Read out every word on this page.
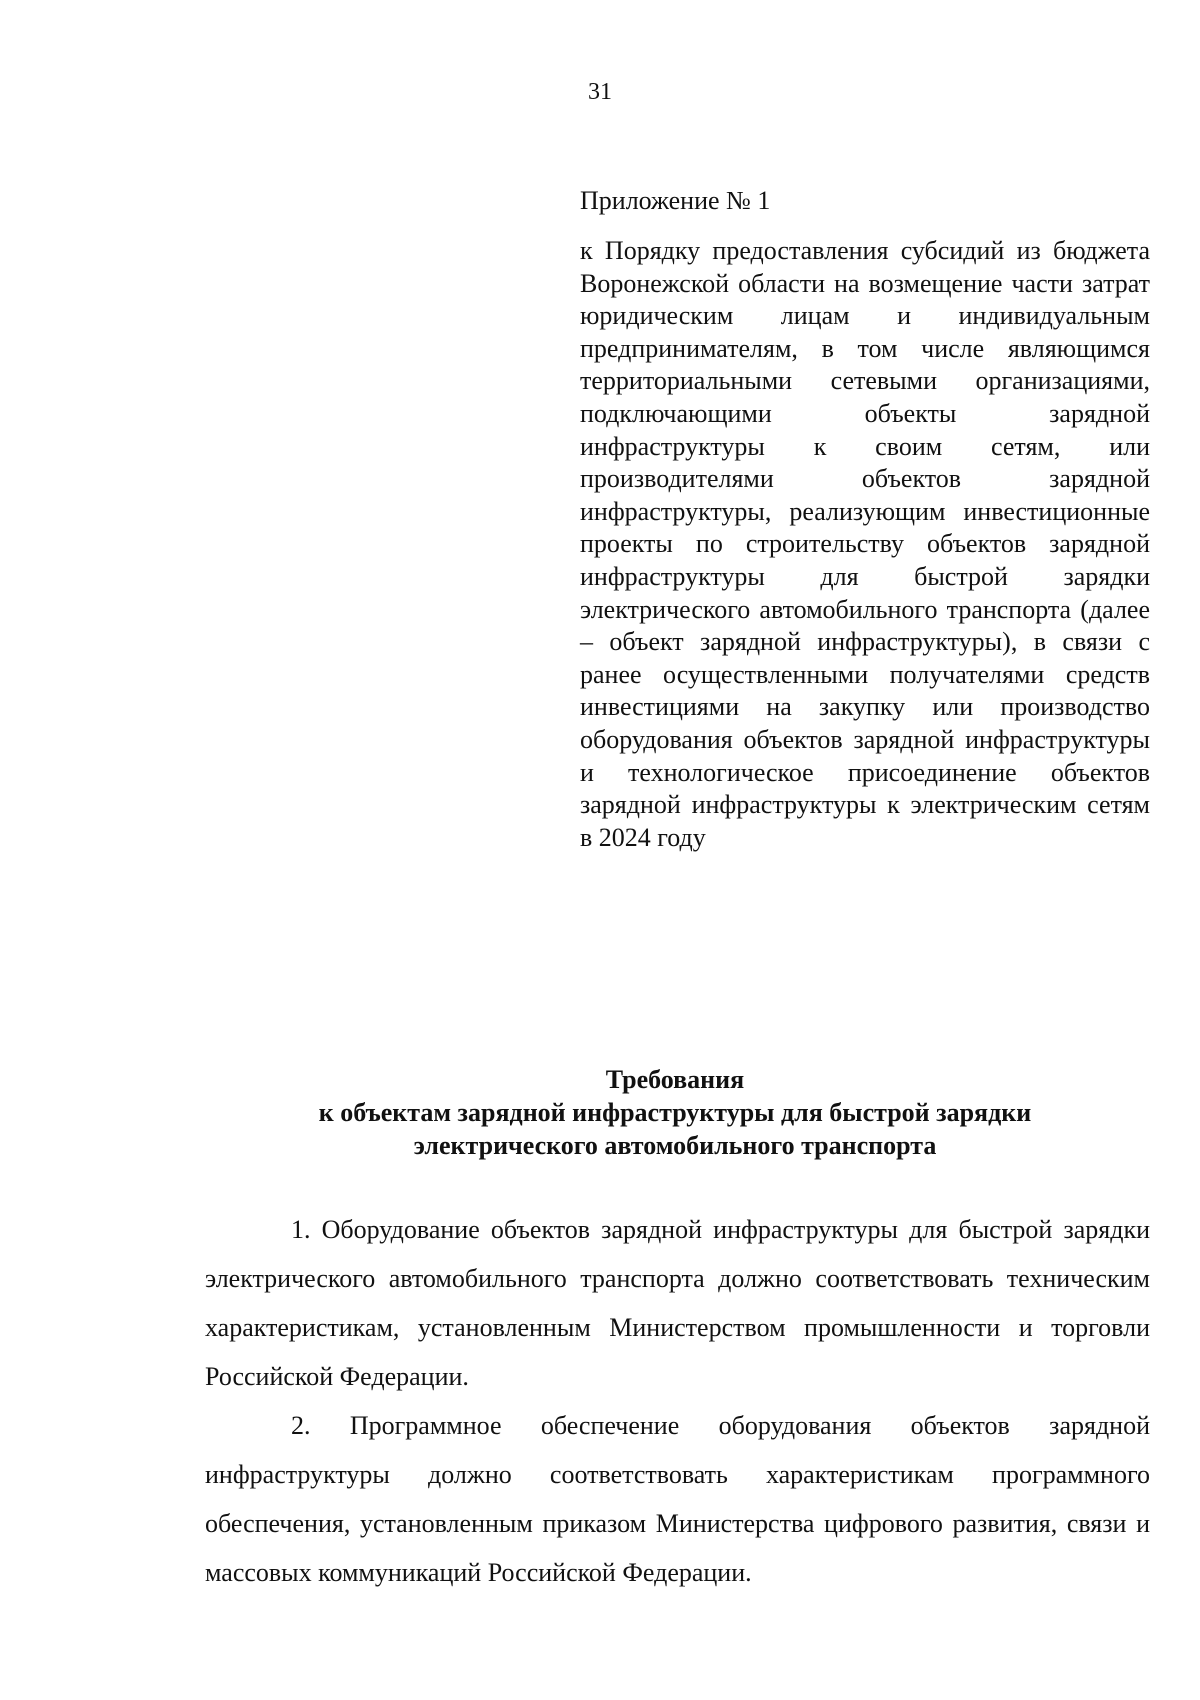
31

Приложение № 1

к Порядку предоставления субсидий из бюджета Воронежской области на возмещение части затрат юридическим лицам и индивидуальным предпринимателям, в том числе являющимся территориальными сетевыми организациями, подключающими объекты зарядной инфраструктуры к своим сетям, или производителями объектов зарядной инфраструктуры, реализующим инвестиционные проекты по строительству объектов зарядной инфраструктуры для быстрой зарядки электрического автомобильного транспорта (далее – объект зарядной инфраструктуры), в связи с ранее осуществленными получателями средств инвестициями на закупку или производство оборудования объектов зарядной инфраструктуры и технологическое присоединение объектов зарядной инфраструктуры к электрическим сетям в 2024 году

Требования
к объектам зарядной инфраструктуры для быстрой зарядки
электрического автомобильного транспорта

1. Оборудование объектов зарядной инфраструктуры для быстрой зарядки электрического автомобильного транспорта должно соответствовать техническим характеристикам, установленным Министерством промышленности и торговли Российской Федерации.

2. Программное обеспечение оборудования объектов зарядной инфраструктуры должно соответствовать характеристикам программного обеспечения, установленным приказом Министерства цифрового развития, связи и массовых коммуникаций Российской Федерации.
